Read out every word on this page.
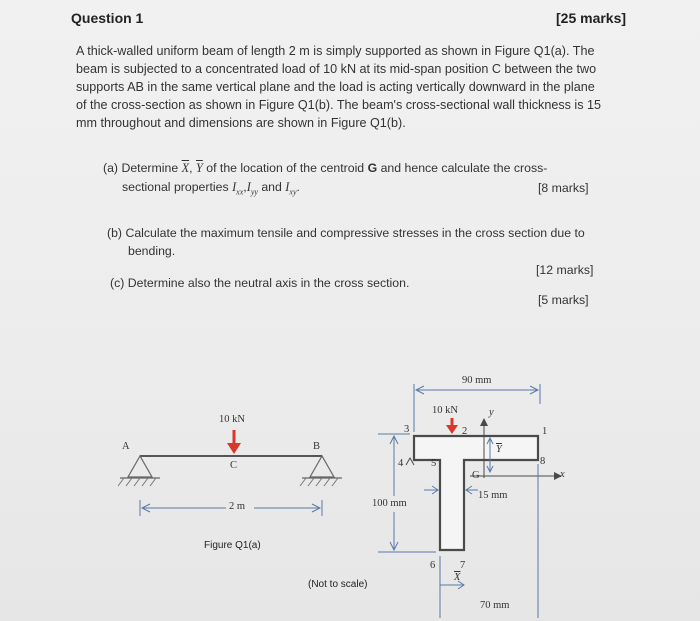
Question 1	[25 marks]
A thick-walled uniform beam of length 2 m is simply supported as shown in Figure Q1(a). The
beam is subjected to a concentrated load of 10 kN at its mid-span position C between the two
supports AB in the same vertical plane and the load is acting vertically downward in the plane
of the cross-section as shown in Figure Q1(b). The beam's cross-sectional wall thickness is 15
mm throughout and dimensions are shown in Figure Q1(b).
(a) Determine $\overline{X}$, $\overline{Y}$ of the location of the centroid G and hence calculate the cross-
sectional properties $I_{xx},I_{yy}$ and $I_{xy}$.	[8 marks]
(b) Calculate the maximum tensile and compressive stresses in the cross section due to
bending.
[12 marks]
(c) Determine also the neutral axis in the cross section.
[5 marks]
10 kN
A	B
C
2 m
Figure Q1(a)
90 mm
10 kN	y
x
$\overline{Y}$
$\overline{X}$
G
15 mm
100 mm
70 mm
1
2
3
4	5
6 7
8
(Not to scale)
